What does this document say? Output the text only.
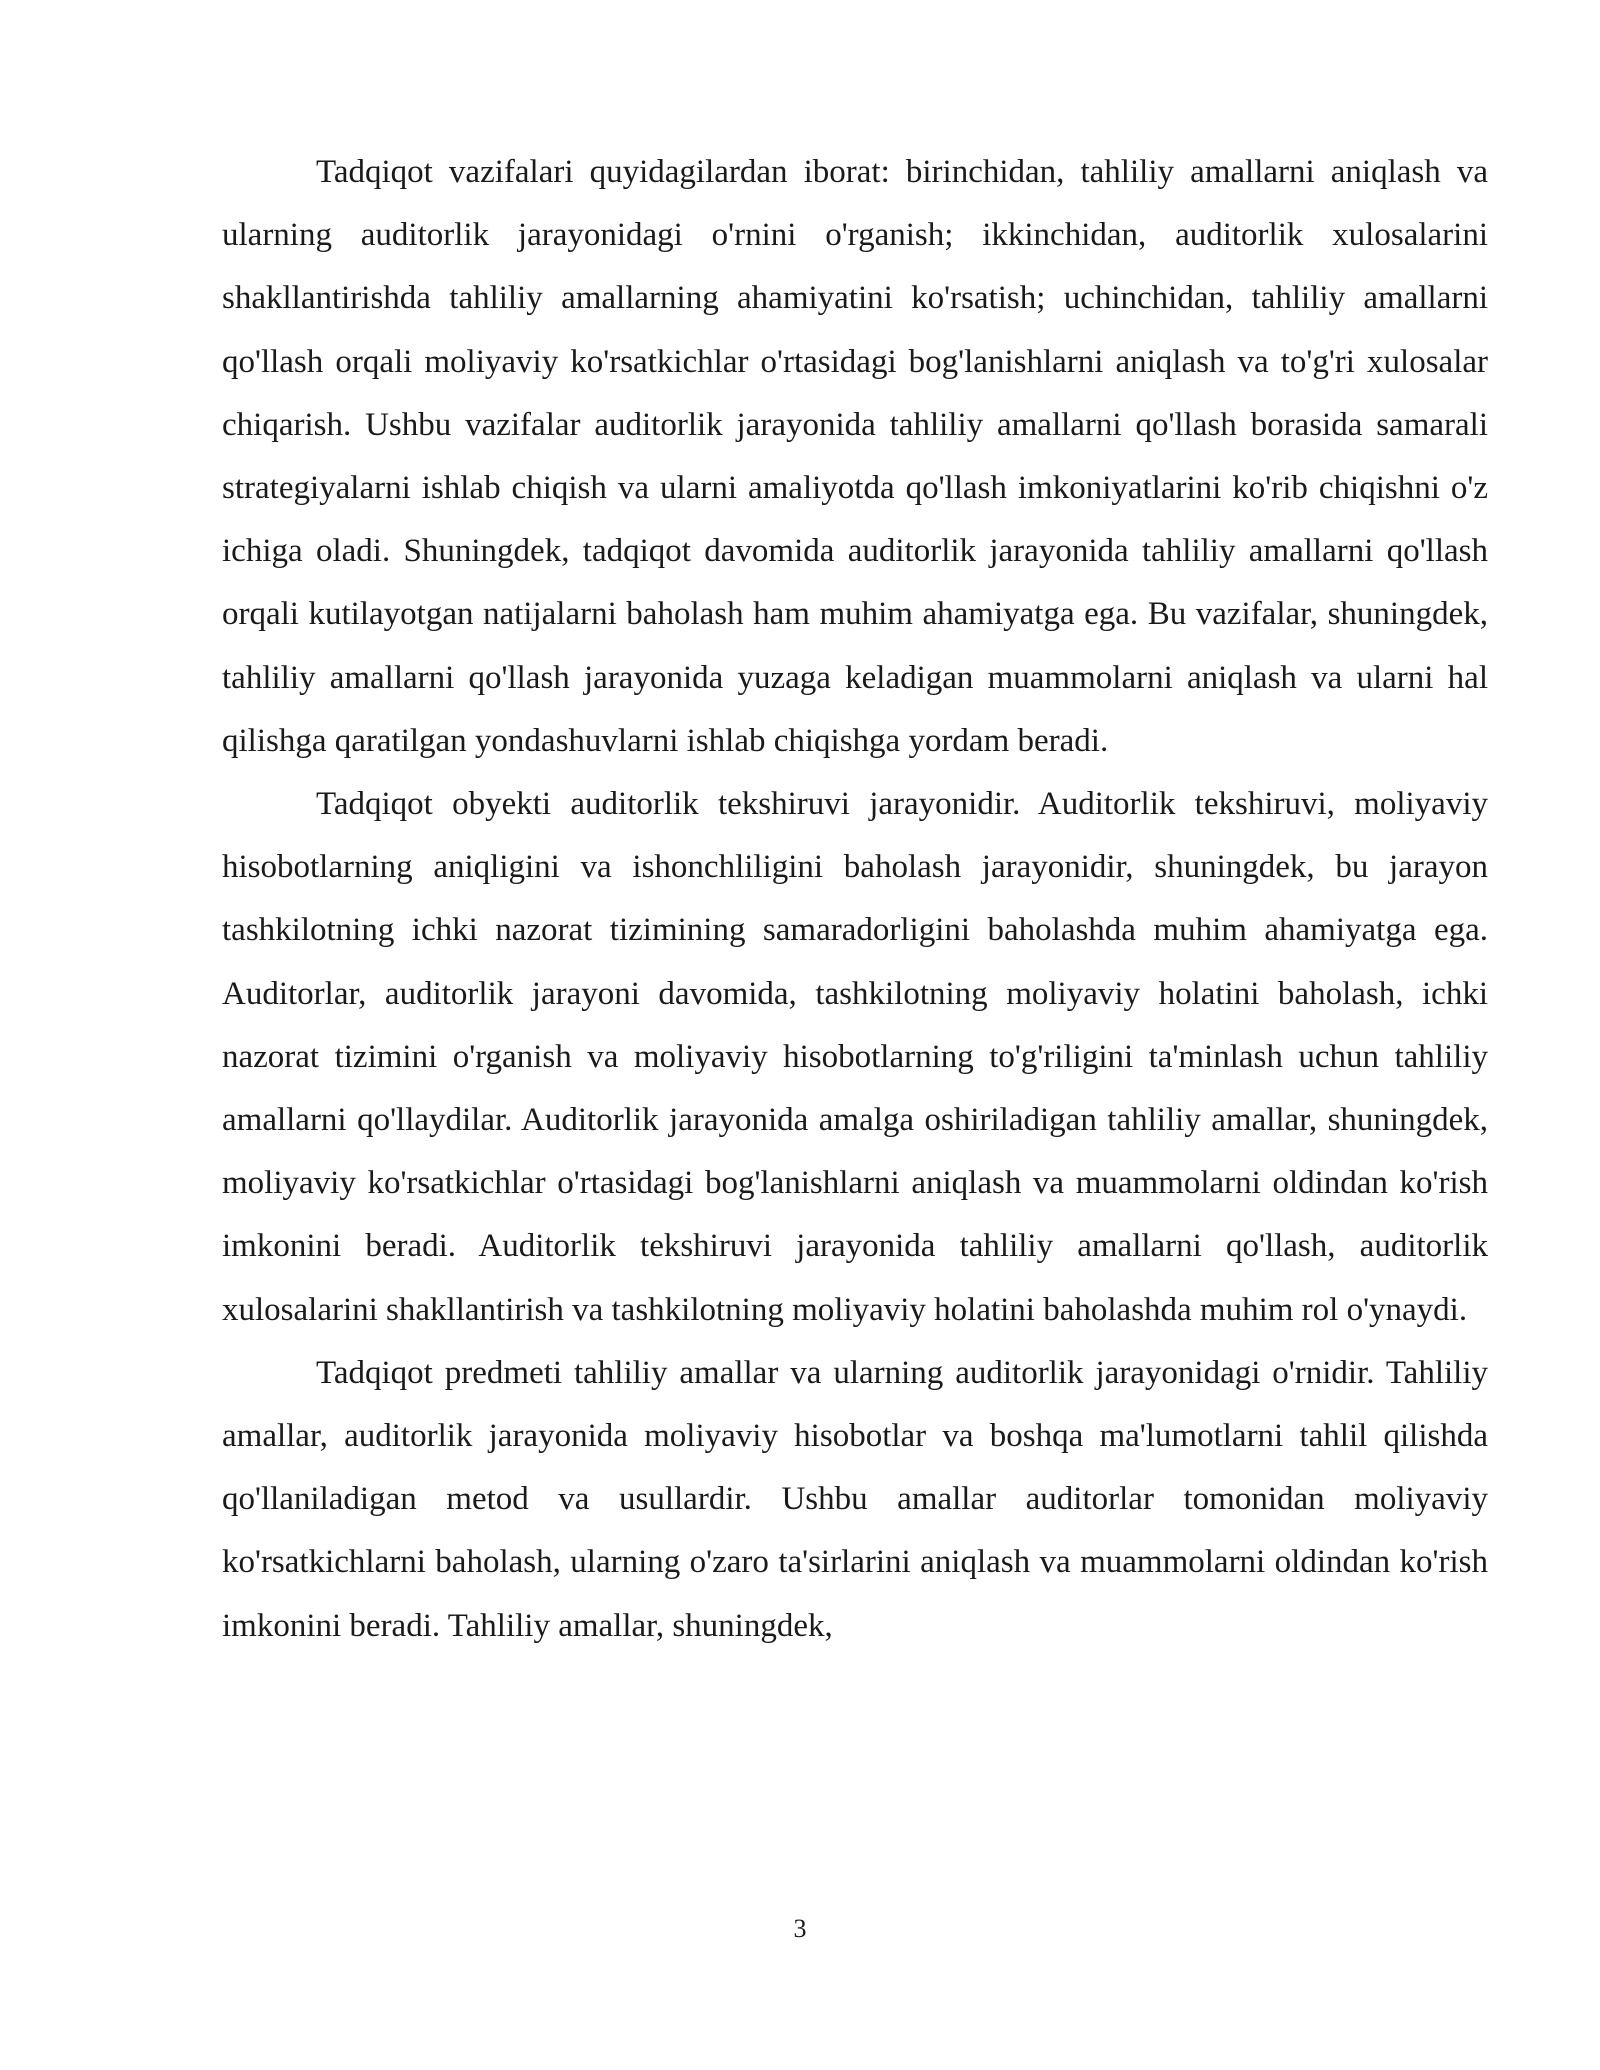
Tadqiqot vazifalari quyidagilardan iborat: birinchidan, tahliliy amallarni aniqlash va ularning auditorlik jarayonidagi o'rnini o'rganish; ikkinchidan, auditorlik xulosalarini shakllantirishda tahliliy amallarning ahamiyatini ko'rsatish; uchinchidan, tahliliy amallarni qo'llash orqali moliyaviy ko'rsatkichlar o'rtasidagi bog'lanishlarni aniqlash va to'g'ri xulosalar chiqarish. Ushbu vazifalar auditorlik jarayonida tahliliy amallarni qo'llash borasida samarali strategiyalarni ishlab chiqish va ularni amaliyotda qo'llash imkoniyatlarini ko'rib chiqishni o'z ichiga oladi. Shuningdek, tadqiqot davomida auditorlik jarayonida tahliliy amallarni qo'llash orqali kutilayotgan natijalarni baholash ham muhim ahamiyatga ega. Bu vazifalar, shuningdek, tahliliy amallarni qo'llash jarayonida yuzaga keladigan muammolarni aniqlash va ularni hal qilishga qaratilgan yondashuvlarni ishlab chiqishga yordam beradi.

Tadqiqot obyekti auditorlik tekshiruvi jarayonidir. Auditorlik tekshiruvi, moliyaviy hisobotlarning aniqligini va ishonchliligini baholash jarayonidir, shuningdek, bu jarayon tashkilotning ichki nazorat tizimining samaradorligini baholashda muhim ahamiyatga ega. Auditorlar, auditorlik jarayoni davomida, tashkilotning moliyaviy holatini baholash, ichki nazorat tizimini o'rganish va moliyaviy hisobotlarning to'g'riligini ta'minlash uchun tahliliy amallarni qo'llaydilar. Auditorlik jarayonida amalga oshiriladigan tahliliy amallar, shuningdek, moliyaviy ko'rsatkichlar o'rtasidagi bog'lanishlarni aniqlash va muammolarni oldindan ko'rish imkonini beradi. Auditorlik tekshiruvi jarayonida tahliliy amallarni qo'llash, auditorlik xulosalarini shakllantirish va tashkilotning moliyaviy holatini baholashda muhim rol o'ynaydi.

Tadqiqot predmeti tahliliy amallar va ularning auditorlik jarayonidagi o'rnidir. Tahliliy amallar, auditorlik jarayonida moliyaviy hisobotlar va boshqa ma'lumotlarni tahlil qilishda qo'llaniladigan metod va usullardir. Ushbu amallar auditorlar tomonidan moliyaviy ko'rsatkichlarni baholash, ularning o'zaro ta'sirlarini aniqlash va muammolarni oldindan ko'rish imkonini beradi. Tahliliy amallar, shuningdek,

3
